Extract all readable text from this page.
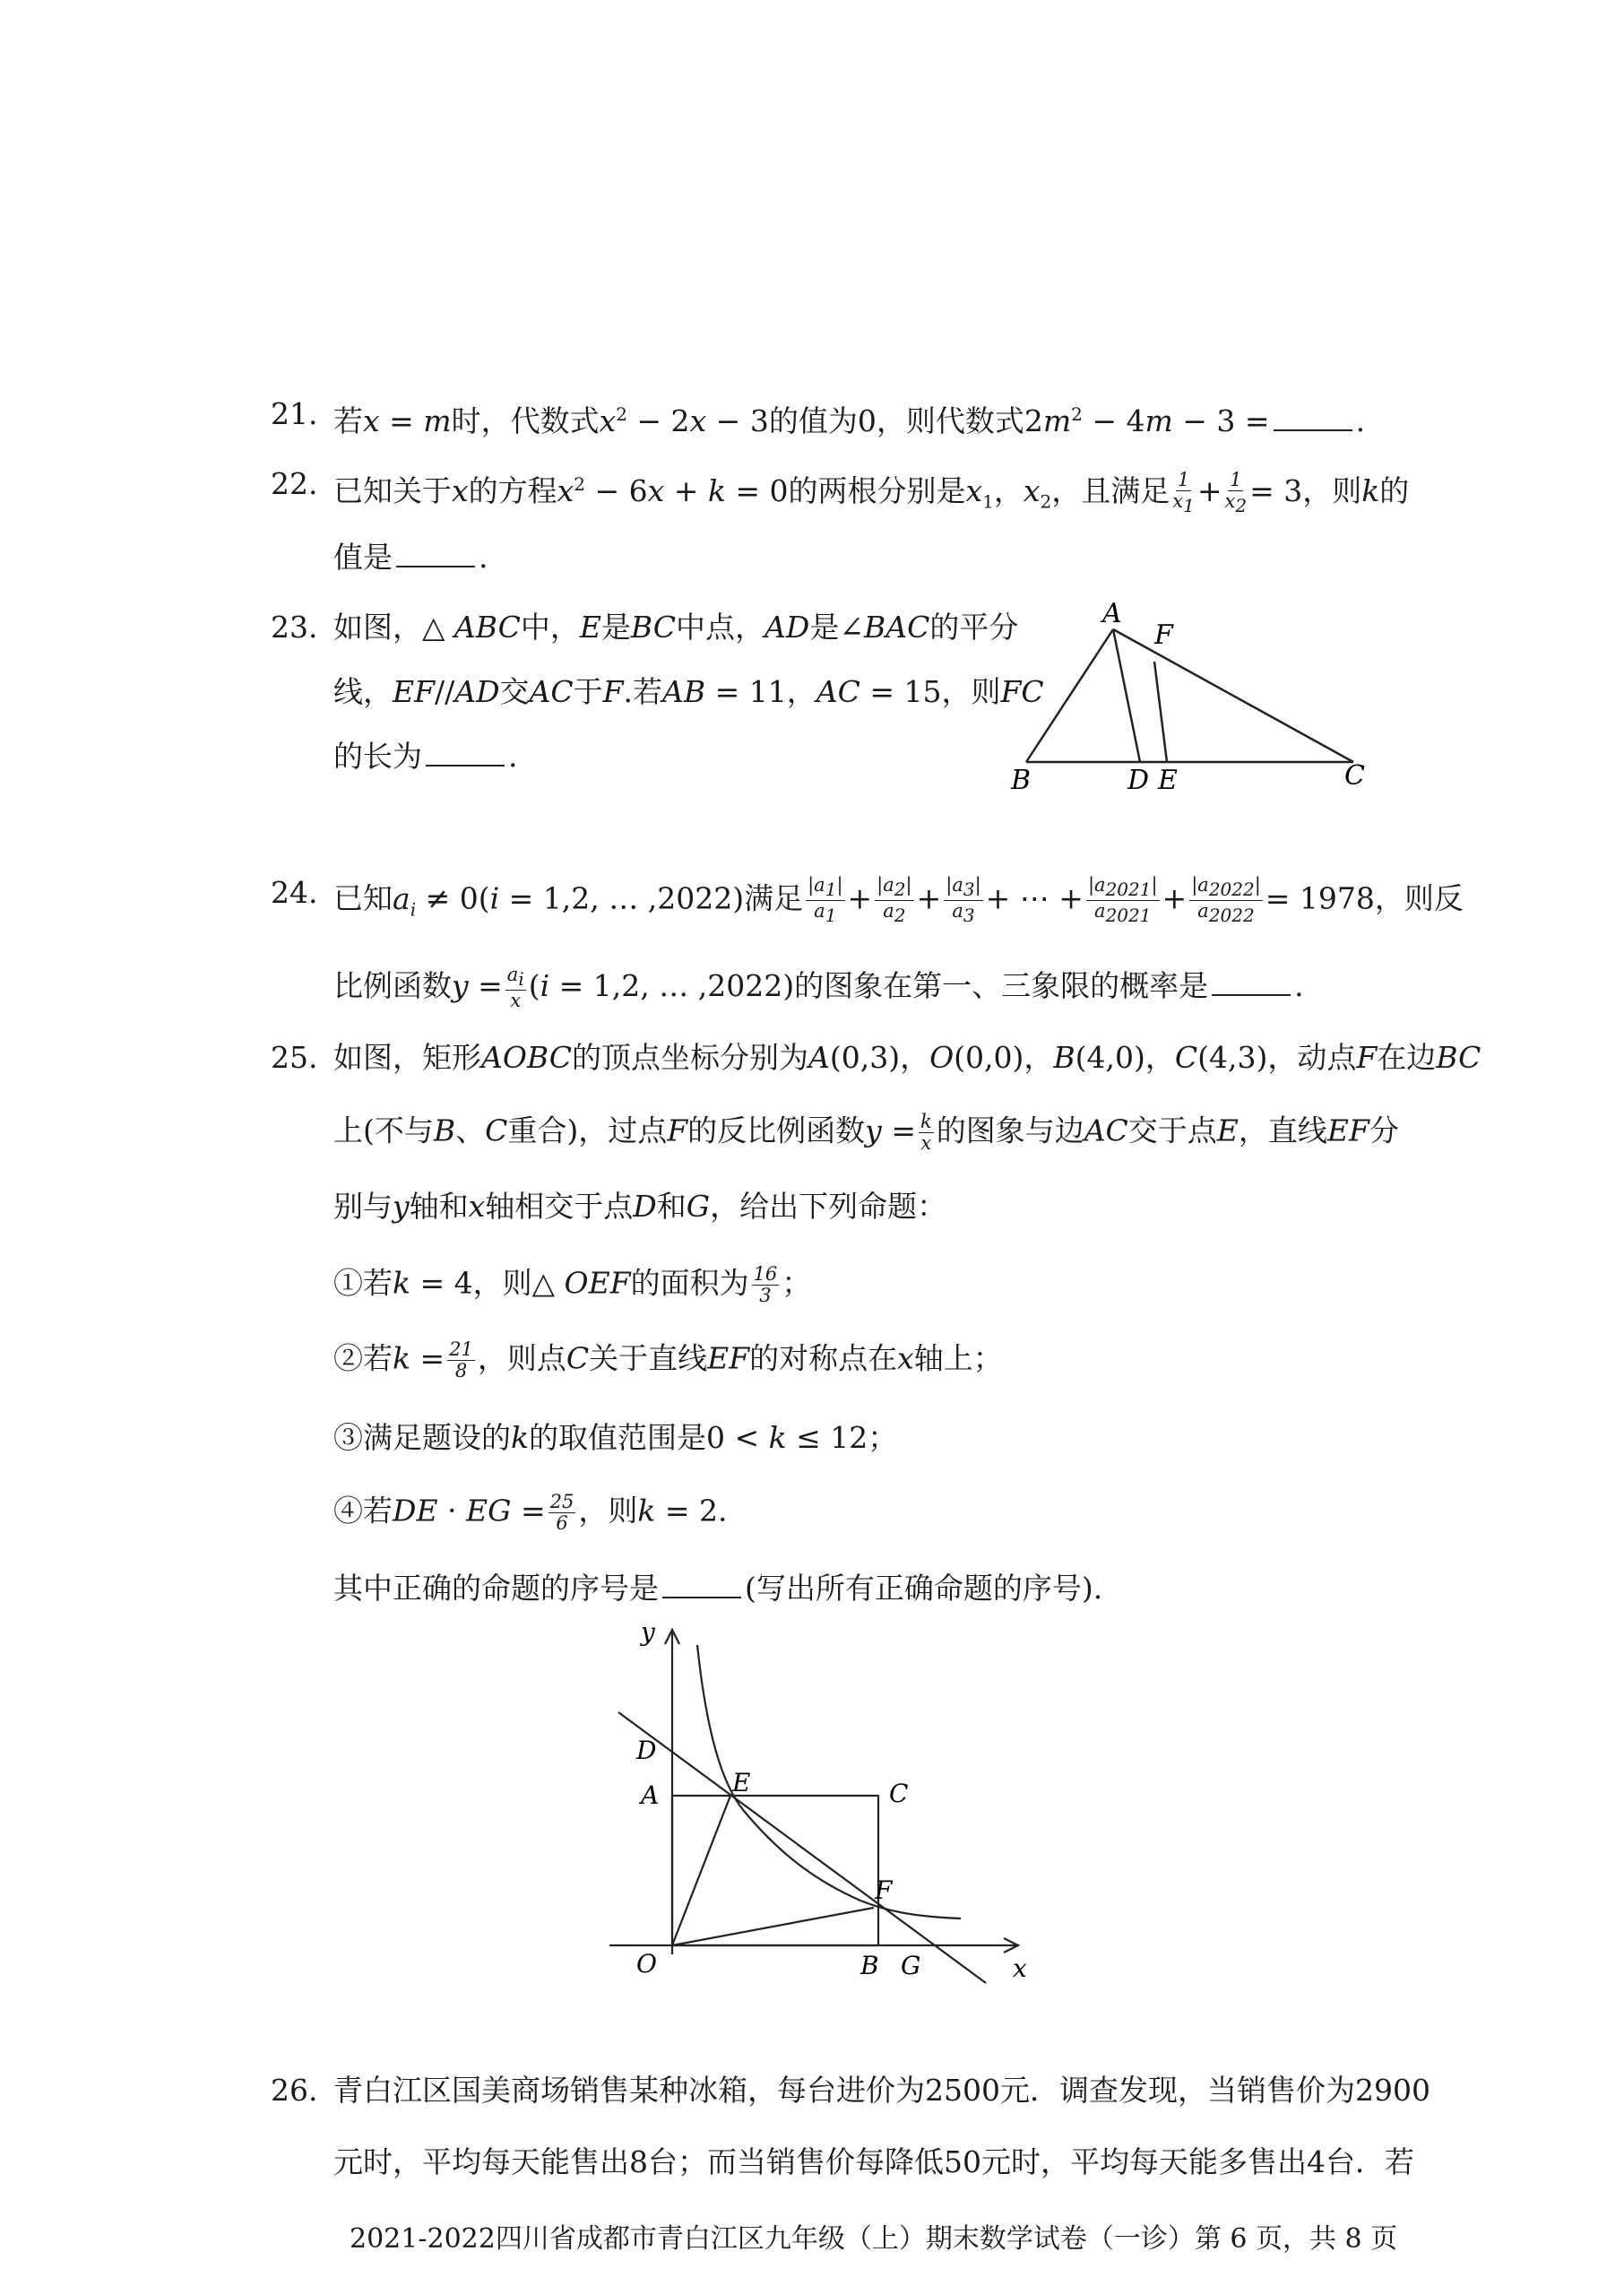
21. 若x = m时，代数式$x^2 - 2x - 3$的值为0，则代数式$2m^2 - 4m - 3$ =	.
22. 已知关于x的方程$x^2 - 6x + k = 0$的两根分别是$x_1$，$x_2$，且满足 $\frac{1}{x_1} + \frac{1}{x_2} = 3$，则k的
值是	.
23. 如图，△ ABC中，E是BC中点，AD是∠BAC的平分
线，EF//AD交AC于F.若AB = 11，AC = 15，则FC
的长为	.
A
F
B	D E	C
24. 已知$a_i \ne 0(i = 1,2$, … ,2022)满足 $\frac{|a_1|}{a_1} + \frac{|a_2|}{a_2} + \frac{|a_3|}{a_3}$ + ⋯ + $\frac{|a_{2021}|}{a_{2021}} + \frac{|a_{2022}|}{a_{2022}} = 1978$，则反
比例函数$y = \frac{a_i}{x} (i = 1,2$, … ,2022)的图象在第一、三象限的概率是	.
25. 如图，矩形AOBC的顶点坐标分别为A(0,3)，O(0,0)，B(4,0)，C(4,3)，动点F在边BC
上(不与B、C重合)，过点F的反比例函数$y = \frac{k}{x}$ 的图象与边AC交于点E，直线EF分
别与y轴和x轴相交于点D和G，给出下列命题：
①若k = 4，则△ OEF的面积为 $\frac{16}{3}$ ；
②若$k = \frac{21}{8}$ ，则点C关于直线EF的对称点在x轴上；
③满足题设的k的取值范围是0 < k ≤ 12；
④若DE · EG = $\frac{25}{6}$ ，则k = 2.
其中正确的命题的序号是	(写出所有正确命题的序号).
y
x
O
A
B
C
D
E
F
G
26. 青白江区国美商场销售某种冰箱，每台进价为2500元．调查发现，当销售价为2900
元时，平均每天能售出8台；而当销售价每降低50元时，平均每天能多售出4台．若
2021-2022四川省成都市青白江区九年级（上）期末数学试卷（一诊）第 6 页，共 8 页
